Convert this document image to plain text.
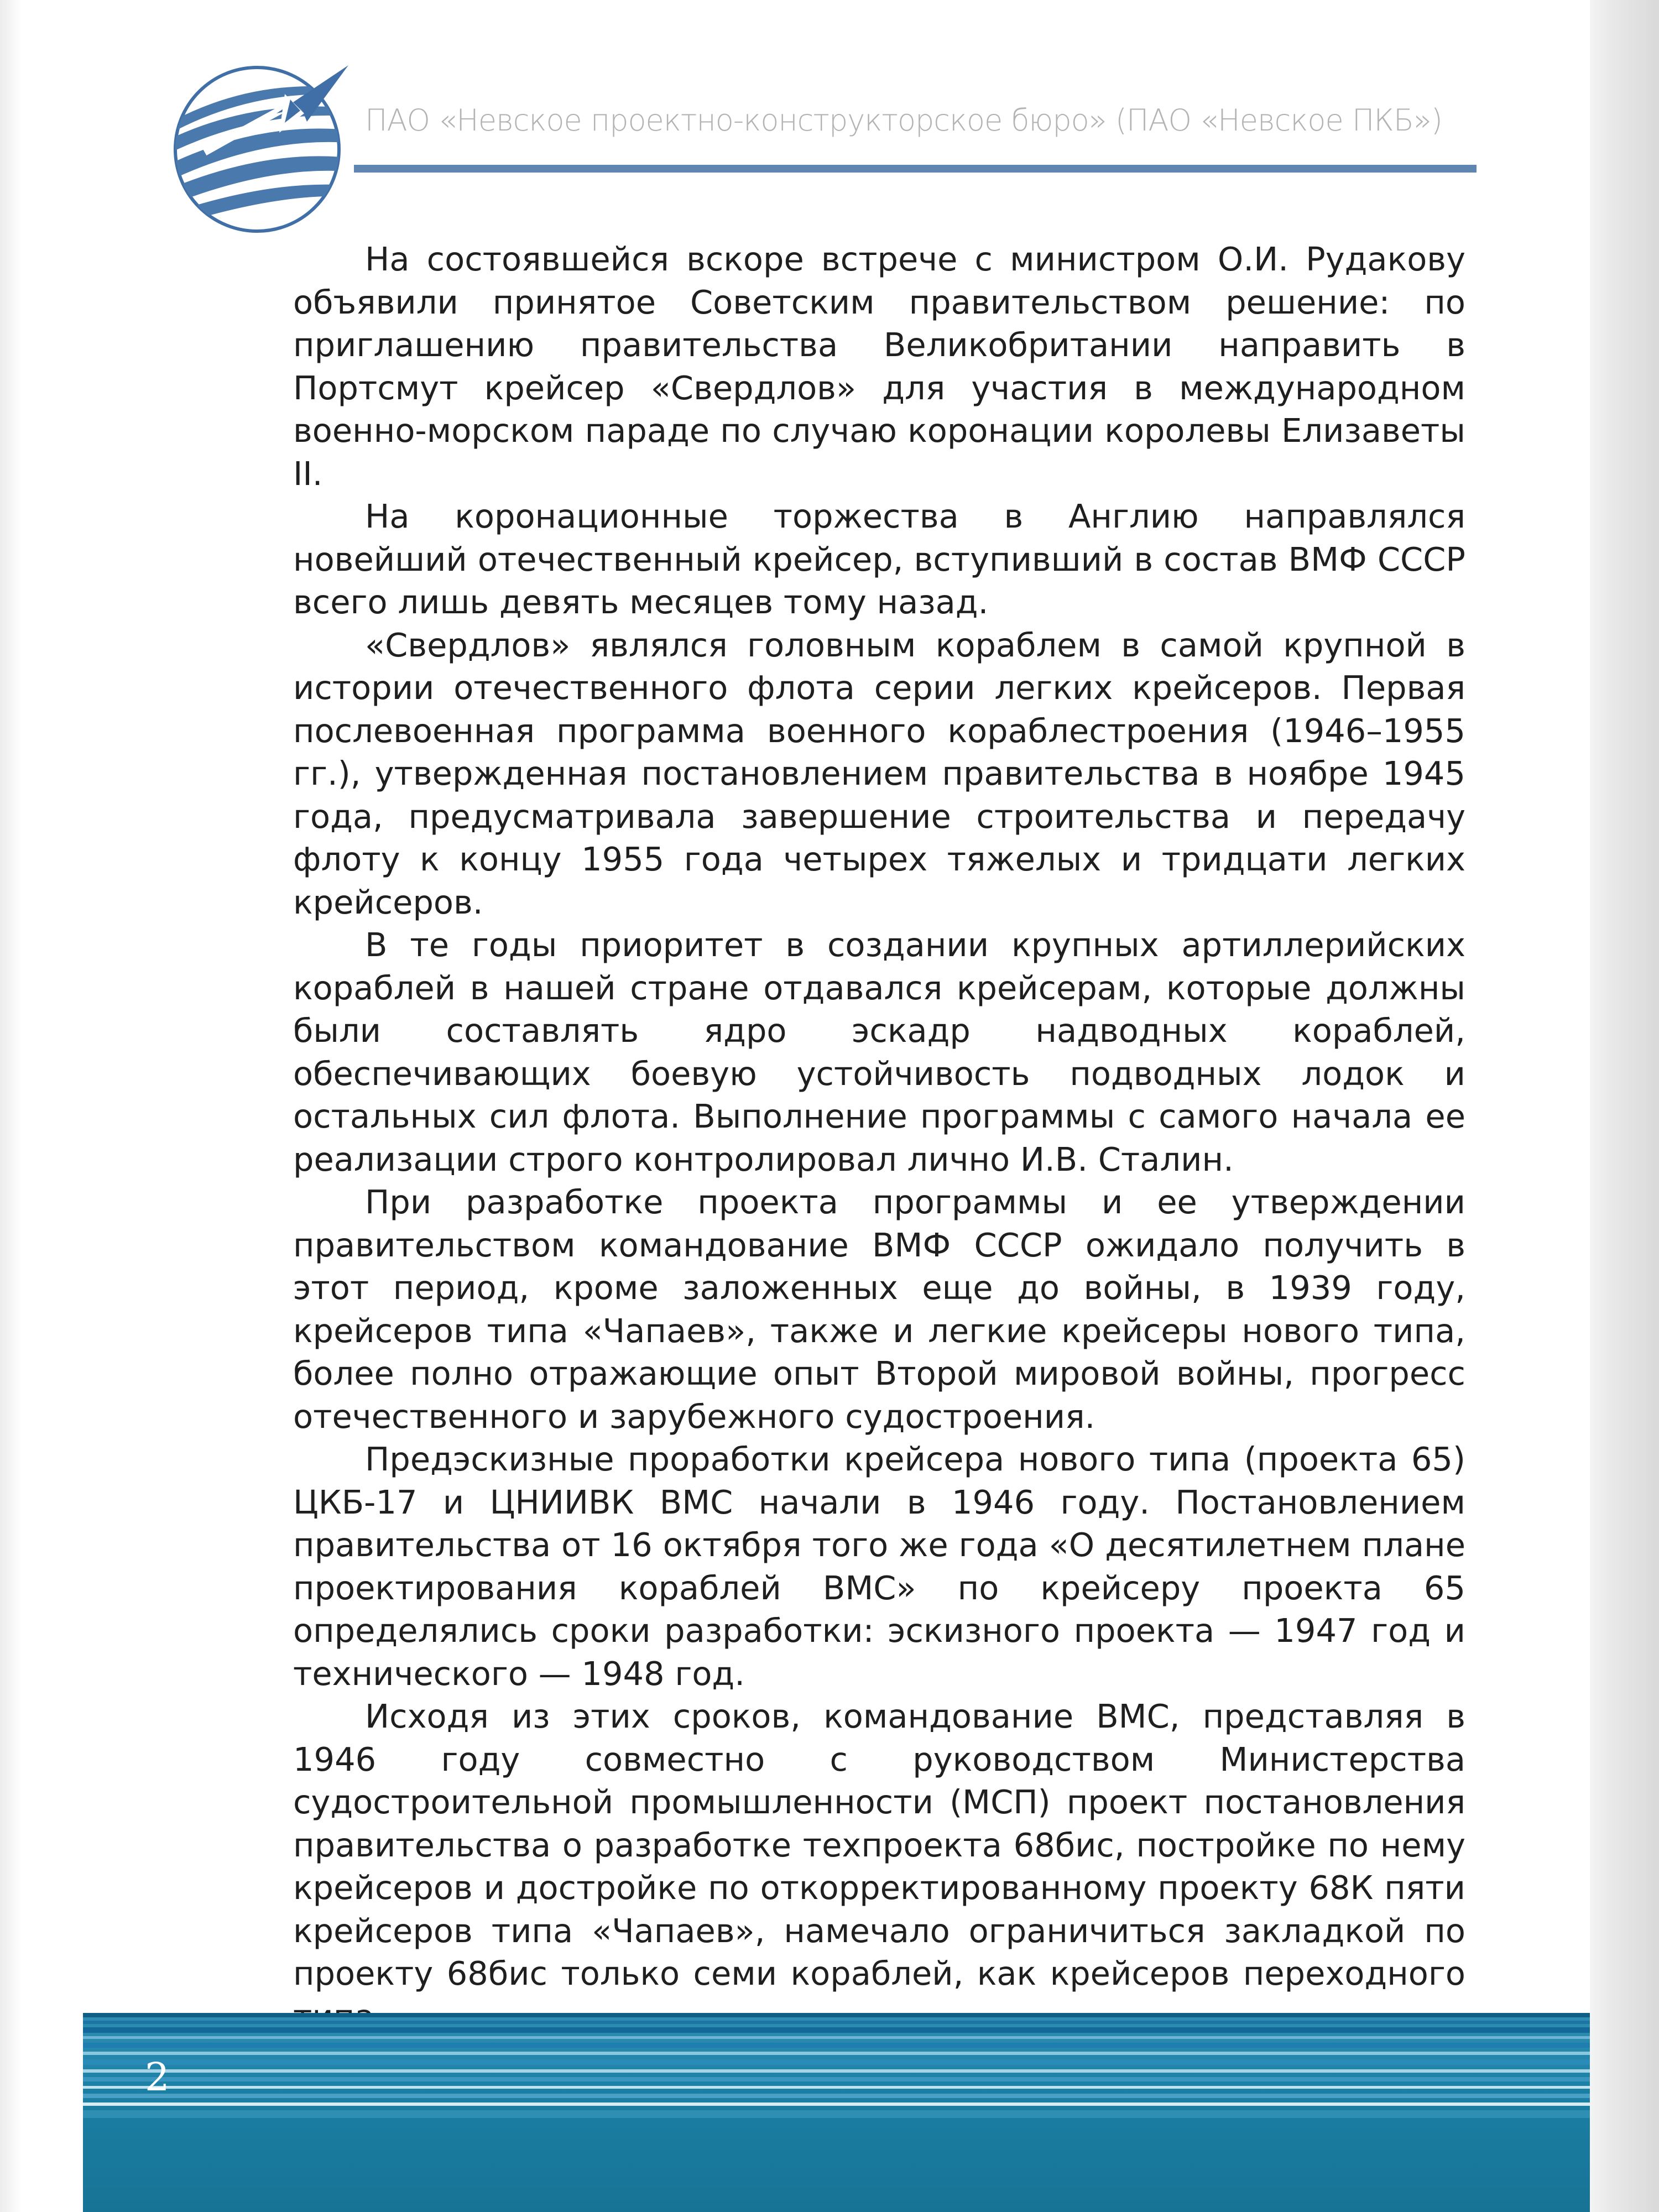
ПАО «Невское проектно-конструкторское бюро» (ПАО «Невское ПКБ»)

На состоявшейся вскоре встрече с министром О.И. Рудакову объявили принятое Советским правительством решение: по приглашению правительства Великобритании направить в Портсмут крейсер «Свердлов» для участия в международном военно-морском параде по случаю коронации королевы Елизаветы II.

На коронационные торжества в Англию направлялся новейший отечественный крейсер, вступивший в состав ВМФ СССР всего лишь девять месяцев тому назад.

«Свердлов» являлся головным кораблем в самой крупной в истории отечественного флота серии легких крейсеров. Первая послевоенная программа военного кораблестроения (1946–1955 гг.), утвержденная постановлением правительства в ноябре 1945 года, предусматривала завершение строительства и передачу флоту к концу 1955 года четырех тяжелых и тридцати легких крейсеров.

В те годы приоритет в создании крупных артиллерийских кораблей в нашей стране отдавался крейсерам, которые должны были составлять ядро эскадр надводных кораблей, обеспечивающих боевую устойчивость подводных лодок и остальных сил флота. Выполнение программы с самого начала ее реализации строго контролировал лично И.В. Сталин.

При разработке проекта программы и ее утверждении правительством командование ВМФ СССР ожидало получить в этот период, кроме заложенных еще до войны, в 1939 году, крейсеров типа «Чапаев», также и легкие крейсеры нового типа, более полно отражающие опыт Второй мировой войны, прогресс отечественного и зарубежного судостроения.

Предэскизные проработки крейсера нового типа (проекта 65) ЦКБ-17 и ЦНИИВК ВМС начали в 1946 году. Постановлением правительства от 16 октября того же года «О десятилетнем плане проектирования кораблей ВМС» по крейсеру проекта 65 определялись сроки разработки: эскизного проекта — 1947 год и технического — 1948 год.

Исходя из этих сроков, командование ВМС, представляя в 1946 году совместно с руководством Министерства судостроительной промышленности (МСП) проект постановления правительства о разработке техпроекта 68бис, постройке по нему крейсеров и достройке по откорректированному проекту 68К пяти крейсеров типа «Чапаев», намечало ограничиться закладкой по проекту 68бис только семи кораблей, как крейсеров переходного

2
